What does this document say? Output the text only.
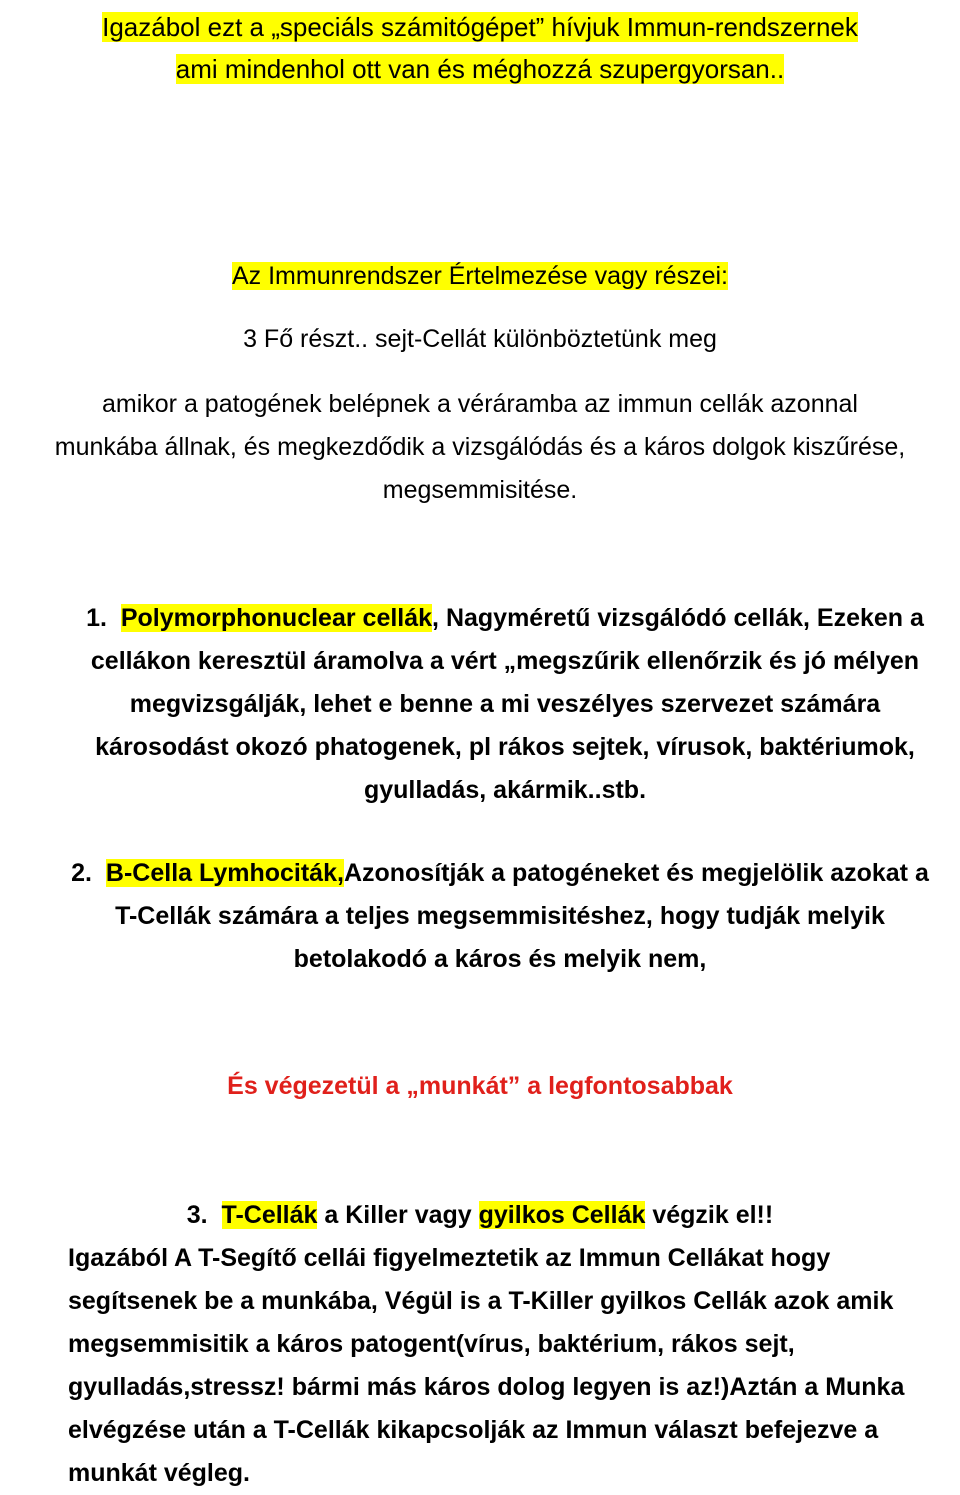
Igazábol ezt a „speciáls számitógépet” hívjuk Immun-rendszernek
ami mindenhol ott van és méghozzá szupergyorsan..
Az Immunrendszer Értelmezése vagy részei:
3 Fő részt.. sejt-Cellát különböztetünk meg
amikor a patogének belépnek a véráramba az immun cellák azonnal
munkába állnak, és megkezdődik a vizsgálódás és a káros dolgok kiszűrése,
megsemmisitése.
1. Polymorphonuclear cellák, Nagyméretű vizsgálódó cellák, Ezeken a
cellákon keresztül áramolva a vért „megszűrik ellenőrzik és jó mélyen
megvizsgálják, lehet e benne a mi veszélyes szervezet számára
károsodást okozó phatogenek, pl rákos sejtek, vírusok, baktériumok,
gyulladás, akármik..stb.
2. B-Cella Lymhociták,Azonosítják a patogéneket és megjelölik azokat a
T-Cellák számára a teljes megsemmisitéshez, hogy tudják melyik
betolakodó a káros és melyik nem,
És végezetül a „munkát” a legfontosabbak
3. T-Cellák a Killer vagy gyilkos Cellák végzik el!!
Igazából A T-Segítő cellái figyelmeztetik az Immun Cellákat hogy
segítsenek be a munkába, Végül is a T-Killer gyilkos Cellák azok amik
megsemmisitik a káros patogent(vírus, baktérium, rákos sejt,
gyulladás,stressz! bármi más káros dolog legyen is az!)Aztán a Munka
elvégzése után a T-Cellák kikapcsolják az Immun választ befejezve a
munkát végleg.
